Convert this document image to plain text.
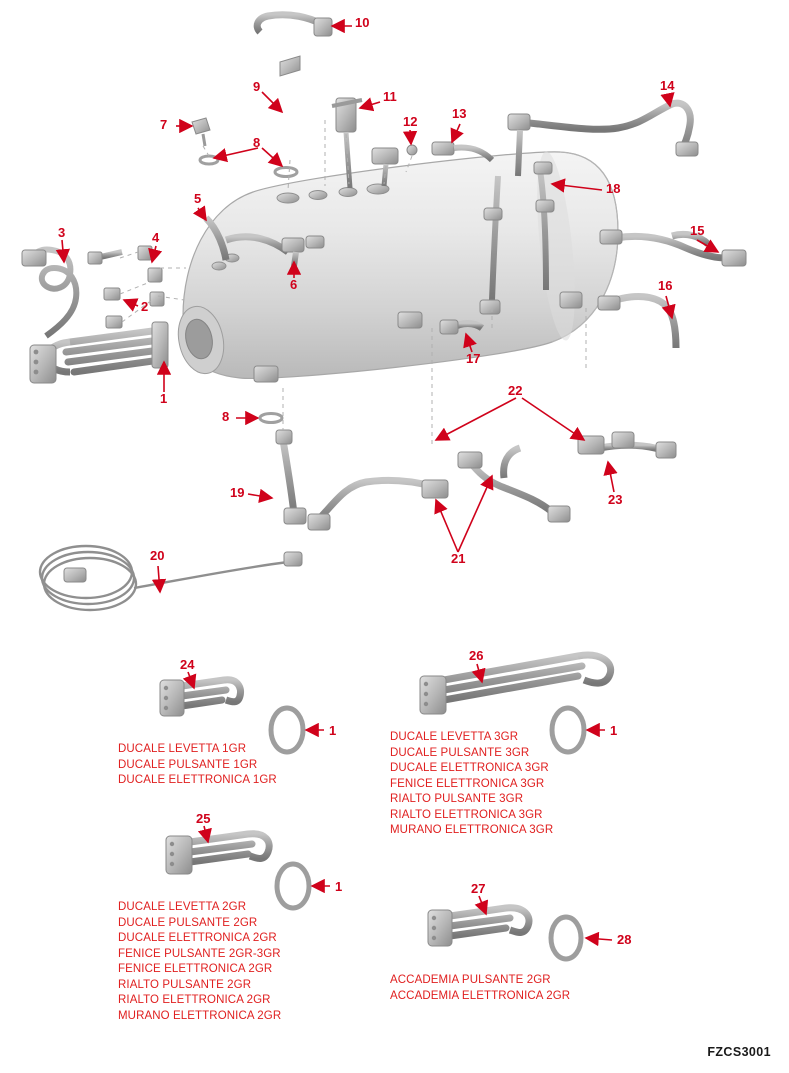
1
2
3	4
5
6
7
8
9
10
11
12
13
14
15
16
17
18
19
20	21
22
23
8
24
25
26
27
28
1	1
1
DUCALE LEVETTA 1GR
DUCALE PULSANTE 1GR
DUCALE ELETTRONICA 1GR
DUCALE LEVETTA 3GR
DUCALE PULSANTE 3GR
DUCALE ELETTRONICA 3GR
FENICE ELETTRONICA 3GR
RIALTO PULSANTE 3GR
RIALTO ELETTRONICA 3GR
MURANO ELETTRONICA 3GR
DUCALE LEVETTA 2GR
DUCALE PULSANTE 2GR
DUCALE ELETTRONICA 2GR
FENICE PULSANTE 2GR-3GR
FENICE ELETTRONICA 2GR
RIALTO PULSANTE 2GR
RIALTO ELETTRONICA 2GR
MURANO ELETTRONICA 2GR
ACCADEMIA PULSANTE 2GR
ACCADEMIA ELETTRONICA 2GR
FZCS3001
